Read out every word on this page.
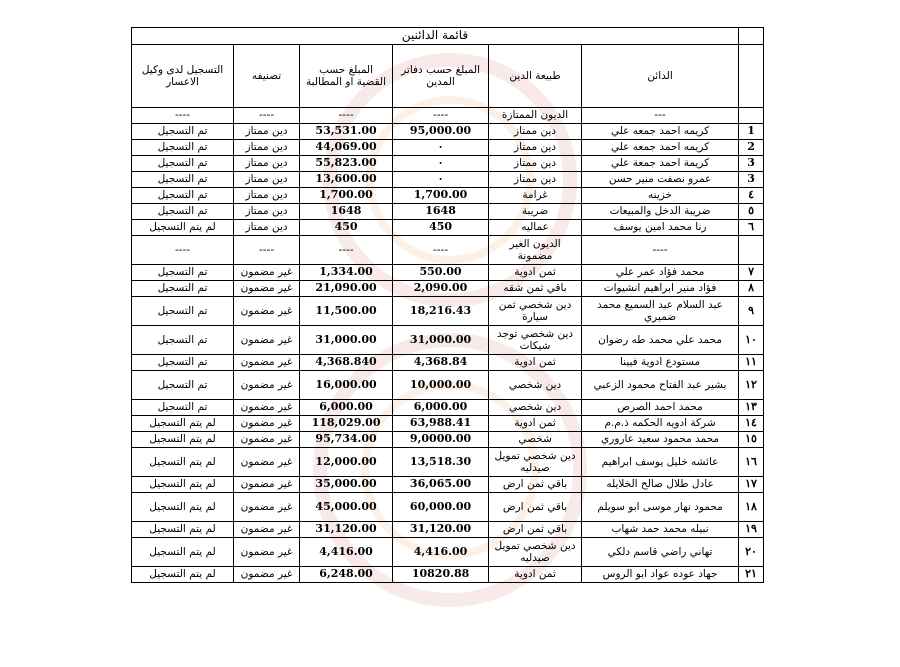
	قائمة الدائنين					
	الدائن	طبيعة الدين	المبلغ حسب دفاتر المدين	المبلغ حسب القضية او المطالبة	تصنيفه	التسجيل لدى وكيل الاعسار
	---	الديون الممتازة	----	----	----	----
1	كريمه احمد جمعه علي	دين ممتاز	95,000.00	53,531.00	دين ممتاز	تم التسجيل
2	كريمه احمد جمعه علي	دين ممتاز	٠	44,069.00	دين ممتاز	تم التسجيل
3	كريمة احمد جمعة علي	دين ممتاز	٠	55,823.00	دين ممتاز	تم التسجيل
3	عمرو نصفت منير حسن	دين ممتاز	٠	13,600.00	دين ممتاز	تم التسجيل
٤	خزينه	غرامة	1,700.00	1,700.00	دين ممتاز	تم التسجيل
٥	ضريبة الدخل والمبيعات	ضريبة	1648	1648	دين ممتاز	تم التسجيل
٦	رنا محمد امين يوسف	عماليه	450	450	دين ممتاز	لم يتم التسجيل
	----	الديون الغير مضمونة	----	----	----	----
٧	محمد فؤاد عمر علي	ثمن ادوية	550.00	1,334.00	غير مضمون	تم التسجيل
٨	فؤاد منير ابراهيم انشيوات	باقي ثمن شقه	2,090.00	21,090.00	غير مضمون	تم التسجيل
٩	عبد السلام عبد السميع محمد ضميري	دين شخصي ثمن سيارة	18,216.43	11,500.00	غير مضمون	تم التسجيل
١٠	محمد علي محمد طه رضوان	دين شخصي توجد شيكات	31,000.00	31,000.00	غير مضمون	تم التسجيل
١١	مستودع ادوية فيينا	ثمن ادوية	4,368.84	4,368.840	غير مضمون	تم التسجيل
١٢	بشير عبد الفتاح محمود الزعبي	دين شخصي	10,000.00	16,000.00	غير مضمون	تم التسجيل
١٣	محمد احمد الصرص	دين شخصي	6,000.00	6,000.00	غير مضمون	تم التسجيل
١٤	شركة ادويه الحكمه ذ.م.م	ثمن ادوية	63,988.41	118,029.00	غير مضمون	لم يتم التسجيل
١٥	محمد محمود سعيد عاروري	شخصي	9,0000.00	95,734.00	غير مضمون	لم يتم التسجيل
١٦	عائشه خليل يوسف ابراهيم	دين شخصي تمويل صيدليه	13,518.30	12,000.00	غير مضمون	لم يتم التسجيل
١٧	عادل طلال صالح الخلايله	باقي ثمن ارض	36,065.00	35,000.00	غير مضمون	لم يتم التسجيل
١٨	محمود نهار موسى ابو سويلم	باقي ثمن ارض	60,000.00	45,000.00	غير مضمون	لم يتم التسجيل
١٩	نبيله محمد حمد شهاب	باقي ثمن ارض	31,120.00	31,120.00	غير مضمون	لم يتم التسجيل
٢٠	تهاني راضي قاسم دلكي	دين شخصي تمويل صيدليه	4,416.00	4,416.00	غير مضمون	لم يتم التسجيل
٢١	جهاد عوده عواد ابو الروس	ثمن ادوية	10820.88	6,248.00	غير مضمون	لم يتم التسجيل
